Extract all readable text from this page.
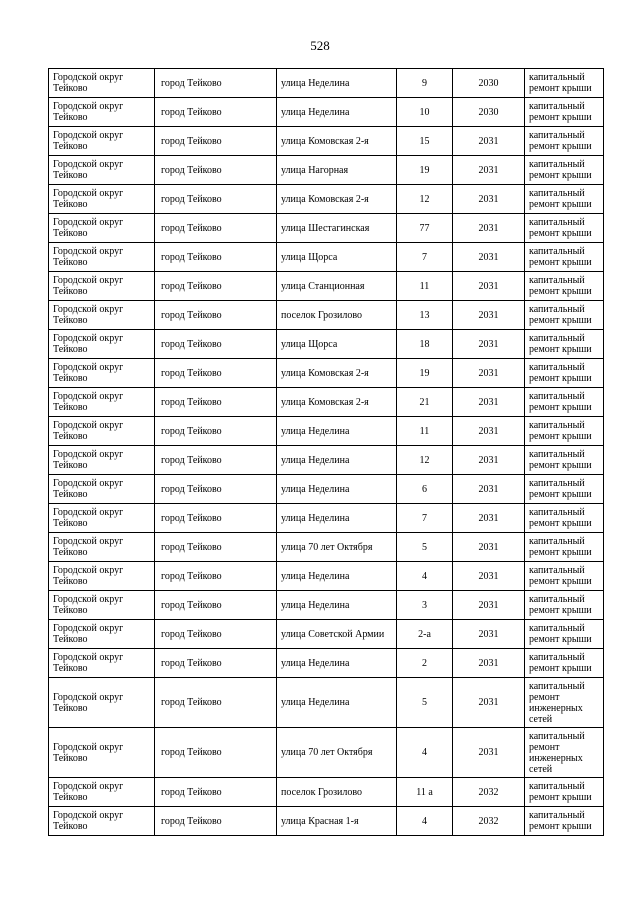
528
Городской округ Тейково	город Тейково	улица Неделина	9	2030	капитальный ремонт крыши
Городской округ Тейково	город Тейково	улица Неделина	10	2030	капитальный ремонт крыши
Городской округ Тейково	город Тейково	улица Комовская 2-я	15	2031	капитальный ремонт крыши
Городской округ Тейково	город Тейково	улица Нагорная	19	2031	капитальный ремонт крыши
Городской округ Тейково	город Тейково	улица Комовская 2-я	12	2031	капитальный ремонт крыши
Городской округ Тейково	город Тейково	улица Шестагинская	77	2031	капитальный ремонт крыши
Городской округ Тейково	город Тейково	улица Щорса	7	2031	капитальный ремонт крыши
Городской округ Тейково	город Тейково	улица Станционная	11	2031	капитальный ремонт крыши
Городской округ Тейково	город Тейково	поселок Грозилово	13	2031	капитальный ремонт крыши
Городской округ Тейково	город Тейково	улица Щорса	18	2031	капитальный ремонт крыши
Городской округ Тейково	город Тейково	улица Комовская 2-я	19	2031	капитальный ремонт крыши
Городской округ Тейково	город Тейково	улица Комовская 2-я	21	2031	капитальный ремонт крыши
Городской округ Тейково	город Тейково	улица Неделина	11	2031	капитальный ремонт крыши
Городской округ Тейково	город Тейково	улица Неделина	12	2031	капитальный ремонт крыши
Городской округ Тейково	город Тейково	улица Неделина	6	2031	капитальный ремонт крыши
Городской округ Тейково	город Тейково	улица Неделина	7	2031	капитальный ремонт крыши
Городской округ Тейково	город Тейково	улица 70 лет Октября	5	2031	капитальный ремонт крыши
Городской округ Тейково	город Тейково	улица Неделина	4	2031	капитальный ремонт крыши
Городской округ Тейково	город Тейково	улица Неделина	3	2031	капитальный ремонт крыши
Городской округ Тейково	город Тейково	улица Советской Армии	2-а	2031	капитальный ремонт крыши
Городской округ Тейково	город Тейково	улица Неделина	2	2031	капитальный ремонт крыши
Городской округ Тейково	город Тейково	улица Неделина	5	2031	капитальный ремонт инженерных сетей
Городской округ Тейково	город Тейково	улица 70 лет Октября	4	2031	капитальный ремонт инженерных сетей
Городской округ Тейково	город Тейково	поселок Грозилово	11 а	2032	капитальный ремонт крыши
Городской округ Тейково	город Тейково	улица Красная 1-я	4	2032	капитальный ремонт крыши
